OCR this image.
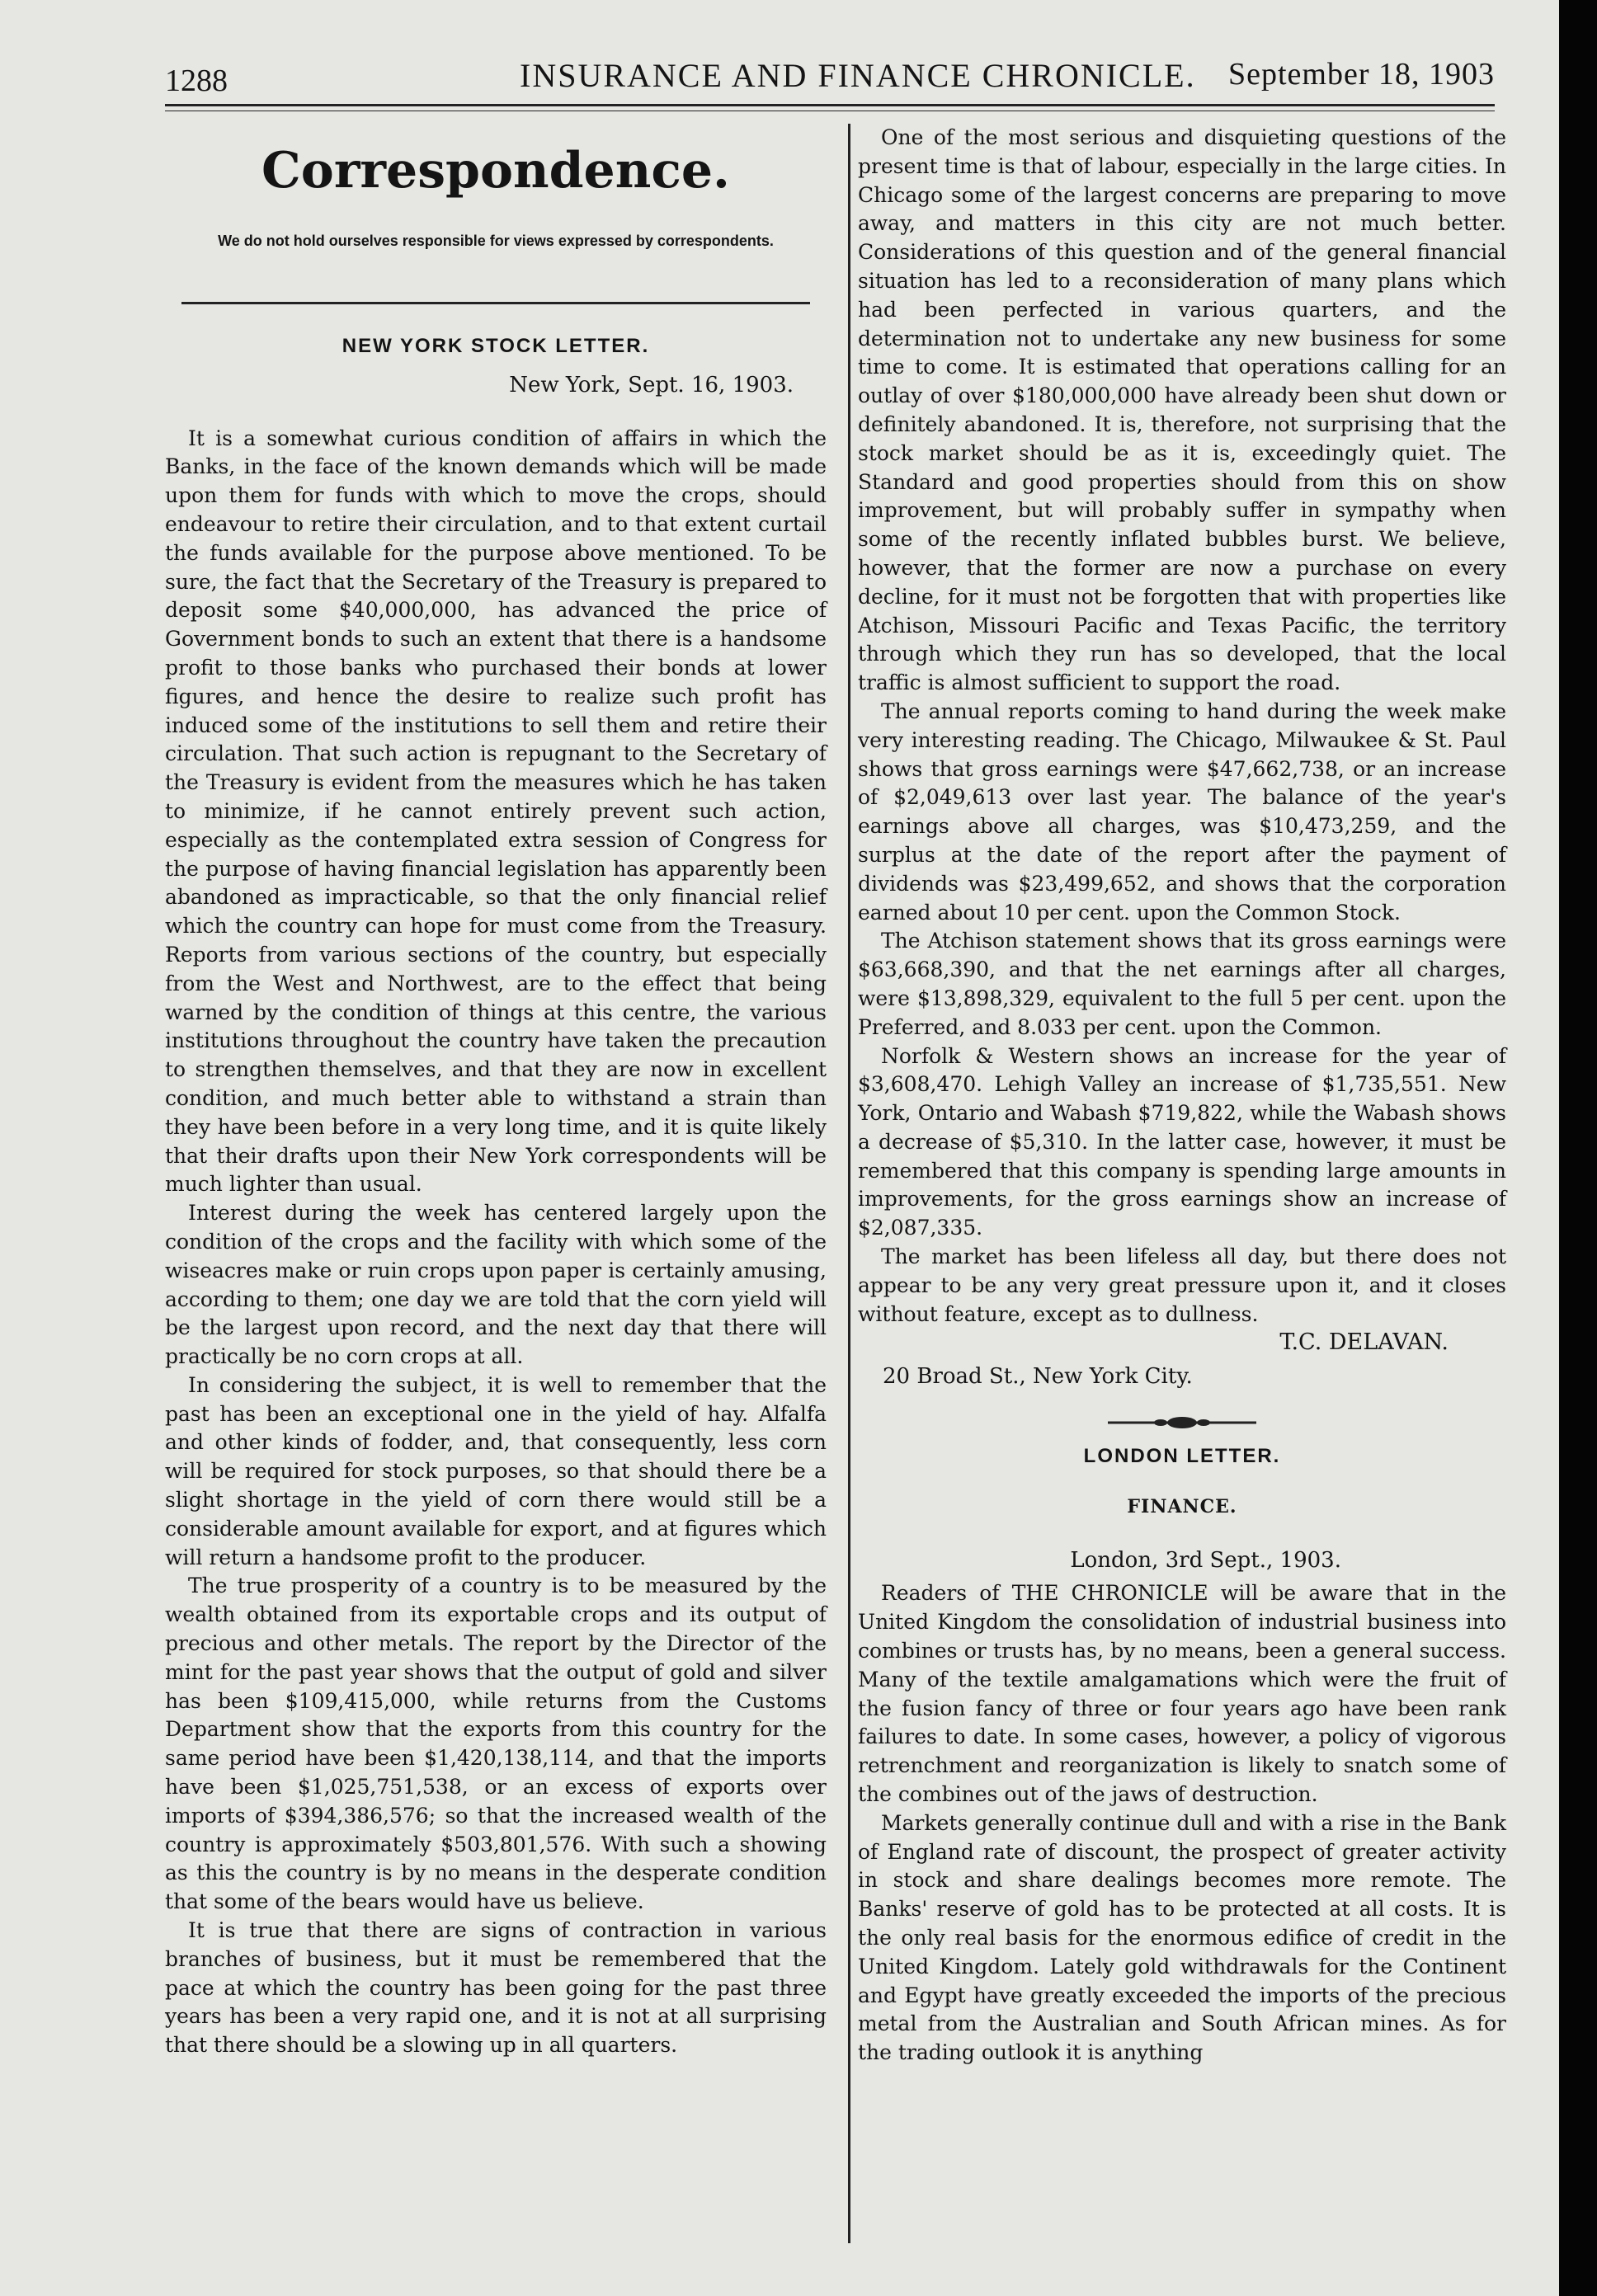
1288	INSURANCE AND FINANCE CHRONICLE. September 18, 1903
Correspondence.
We do not hold ourselves responsible for views expressed by correspondents.
NEW YORK STOCK LETTER.
New York, Sept. 16, 1903.

It is a somewhat curious condition of affairs in which the Banks, in the face of the known demands which will be made upon them for funds with which to move the crops, should endeavour to retire their circulation, and to that extent curtail the funds available for the purpose above mentioned. To be sure, the fact that the Secretary of the Treasury is prepared to deposit some $40,000,000, has advanced the price of Government bonds to such an extent that there is a handsome profit to those banks who purchased their bonds at lower figures, and hence the desire to realize such profit has induced some of the institutions to sell them and retire their circulation. That such action is repugnant to the Secretary of the Treasury is evident from the measures which he has taken to minimize, if he cannot entirely prevent such action, especially as the contemplated extra session of Congress for the purpose of having financial legislation has apparently been abandoned as impracticable, so that the only financial relief which the country can hope for must come from the Treasury. Reports from various sections of the country, but especially from the West and Northwest, are to the effect that being warned by the condition of things at this centre, the various institutions throughout the country have taken the precaution to strengthen themselves, and that they are now in excellent condition, and much better able to withstand a strain than they have been before in a very long time, and it is quite likely that their drafts upon their New York correspondents will be much lighter than usual.

Interest during the week has centered largely upon the condition of the crops and the facility with which some of the wiseacres make or ruin crops upon paper is certainly amusing, according to them; one day we are told that the corn yield will be the largest upon record, and the next day that there will practically be no corn crops at all.

In considering the subject, it is well to remember that the past has been an exceptional one in the yield of hay. Alfalfa and other kinds of fodder, and, that consequently, less corn will be required for stock purposes, so that should there be a slight shortage in the yield of corn there would still be a considerable amount available for export, and at figures which will return a handsome profit to the producer.

The true prosperity of a country is to be measured by the wealth obtained from its exportable crops and its output of precious and other metals. The report by the Director of the mint for the past year shows that the output of gold and silver has been $109,415,000, while returns from the Customs Department show that the exports from this country for the same period have been $1,420,138,114, and that the imports have been $1,025,751,538, or an excess of exports over imports of $394,386,576; so that the increased wealth of the country is approximately $503,801,576. With such a showing as this the country is by no means in the desperate condition that some of the bears would have us believe.

It is true that there are signs of contraction in various branches of business, but it must be remembered that the pace at which the country has been going for the past three years has been a very rapid one, and it is not at all surprising that there should be a slowing up in all quarters.

One of the most serious and disquieting questions of the present time is that of labour, especially in the large cities. In Chicago some of the largest concerns are preparing to move away, and matters in this city are not much better. Considerations of this question and of the general financial situation has led to a reconsideration of many plans which had been perfected in various quarters, and the determination not to undertake any new business for some time to come. It is estimated that operations calling for an outlay of over $180,000,000 have already been shut down or definitely abandoned. It is, therefore, not surprising that the stock market should be as it is, exceedingly quiet. The Standard and good properties should from this on show improvement, but will probably suffer in sympathy when some of the recently inflated bubbles burst. We believe, however, that the former are now a purchase on every decline, for it must not be forgotten that with properties like Atchison, Missouri Pacific and Texas Pacific, the territory through which they run has so developed, that the local traffic is almost sufficient to support the road.

The annual reports coming to hand during the week make very interesting reading. The Chicago, Milwaukee & St. Paul shows that gross earnings were $47,662,738, or an increase of $2,049,613 over last year. The balance of the year's earnings above all charges, was $10,473,259, and the surplus at the date of the report after the payment of dividends was $23,499,652, and shows that the corporation earned about 10 per cent. upon the Common Stock.

The Atchison statement shows that its gross earnings were $63,668,390, and that the net earnings after all charges, were $13,898,329, equivalent to the full 5 per cent. upon the Preferred, and 8.033 per cent. upon the Common.

Norfolk & Western shows an increase for the year of $3,608,470. Lehigh Valley an increase of $1,735,551. New York, Ontario and Wabash $719,822, while the Wabash shows a decrease of $5,310. In the latter case, however, it must be remembered that this company is spending large amounts in improvements, for the gross earnings show an increase of $2,087,335.

The market has been lifeless all day, but there does not appear to be any very great pressure upon it, and it closes without feature, except as to dullness.

T.C. DELAVAN.
20 Broad St., New York City.
LONDON LETTER.
FINANCE.
London, 3rd Sept., 1903.

Readers of THE CHRONICLE will be aware that in the United Kingdom the consolidation of industrial business into combines or trusts has, by no means, been a general success. Many of the textile amalgamations which were the fruit of the fusion fancy of three or four years ago have been rank failures to date. In some cases, however, a policy of vigorous retrenchment and reorganization is likely to snatch some of the combines out of the jaws of destruction.

Markets generally continue dull and with a rise in the Bank of England rate of discount, the prospect of greater activity in stock and share dealings becomes more remote. The Banks' reserve of gold has to be protected at all costs. It is the only real basis for the enormous edifice of credit in the United Kingdom. Lately gold withdrawals for the Continent and Egypt have greatly exceeded the imports of the precious metal from the Australian and South African mines. As for the trading outlook it is anything
